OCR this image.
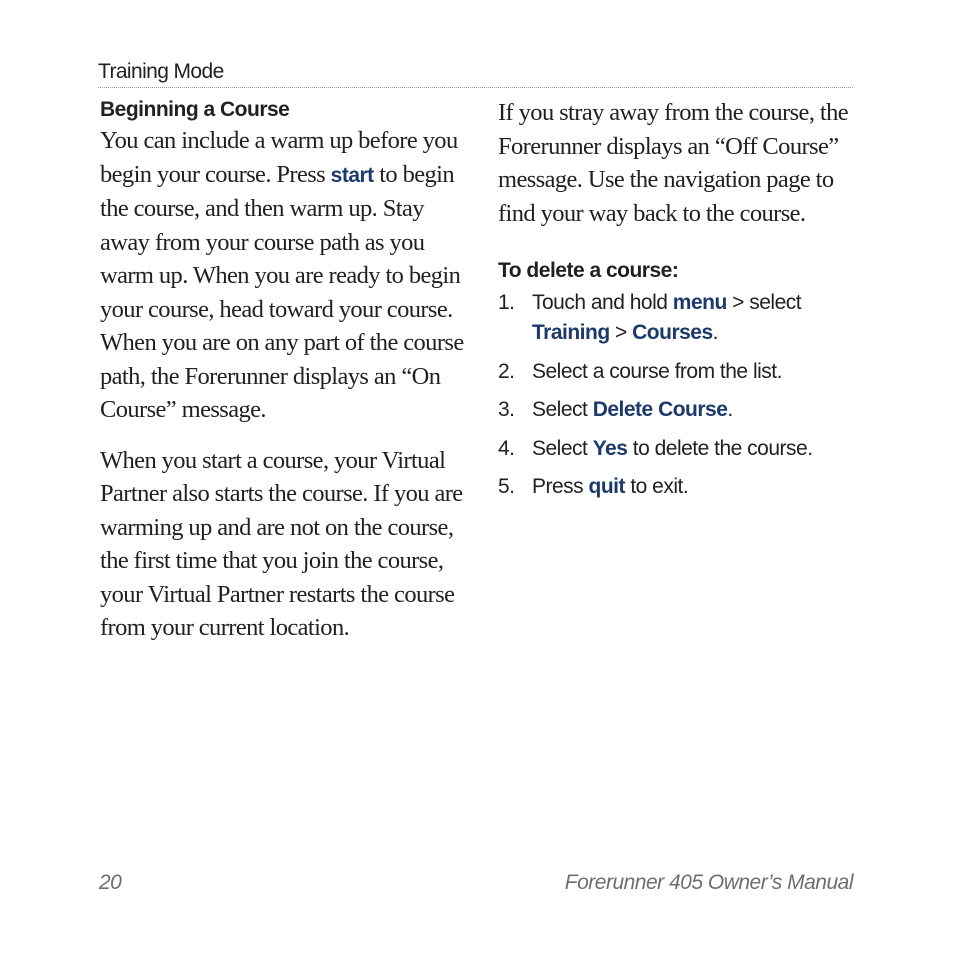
Training Mode
Beginning a Course

You can include a warm up before you begin your course. Press start to begin the course, and then warm up. Stay away from your course path as you warm up. When you are ready to begin your course, head toward your course. When you are on any part of the course path, the Forerunner displays an “On Course” message.

When you start a course, your Virtual Partner also starts the course. If you are warming up and are not on the course, the first time that you join the course, your Virtual Partner restarts the course from your current location.

If you stray away from the course, the Forerunner displays an “Off Course” message. Use the navigation page to find your way back to the course.

To delete a course:
1. Touch and hold menu > select Training > Courses.
2. Select a course from the list.
3. Select Delete Course.
4. Select Yes to delete the course.
5. Press quit to exit.
20	Forerunner 405 Owner’s Manual
